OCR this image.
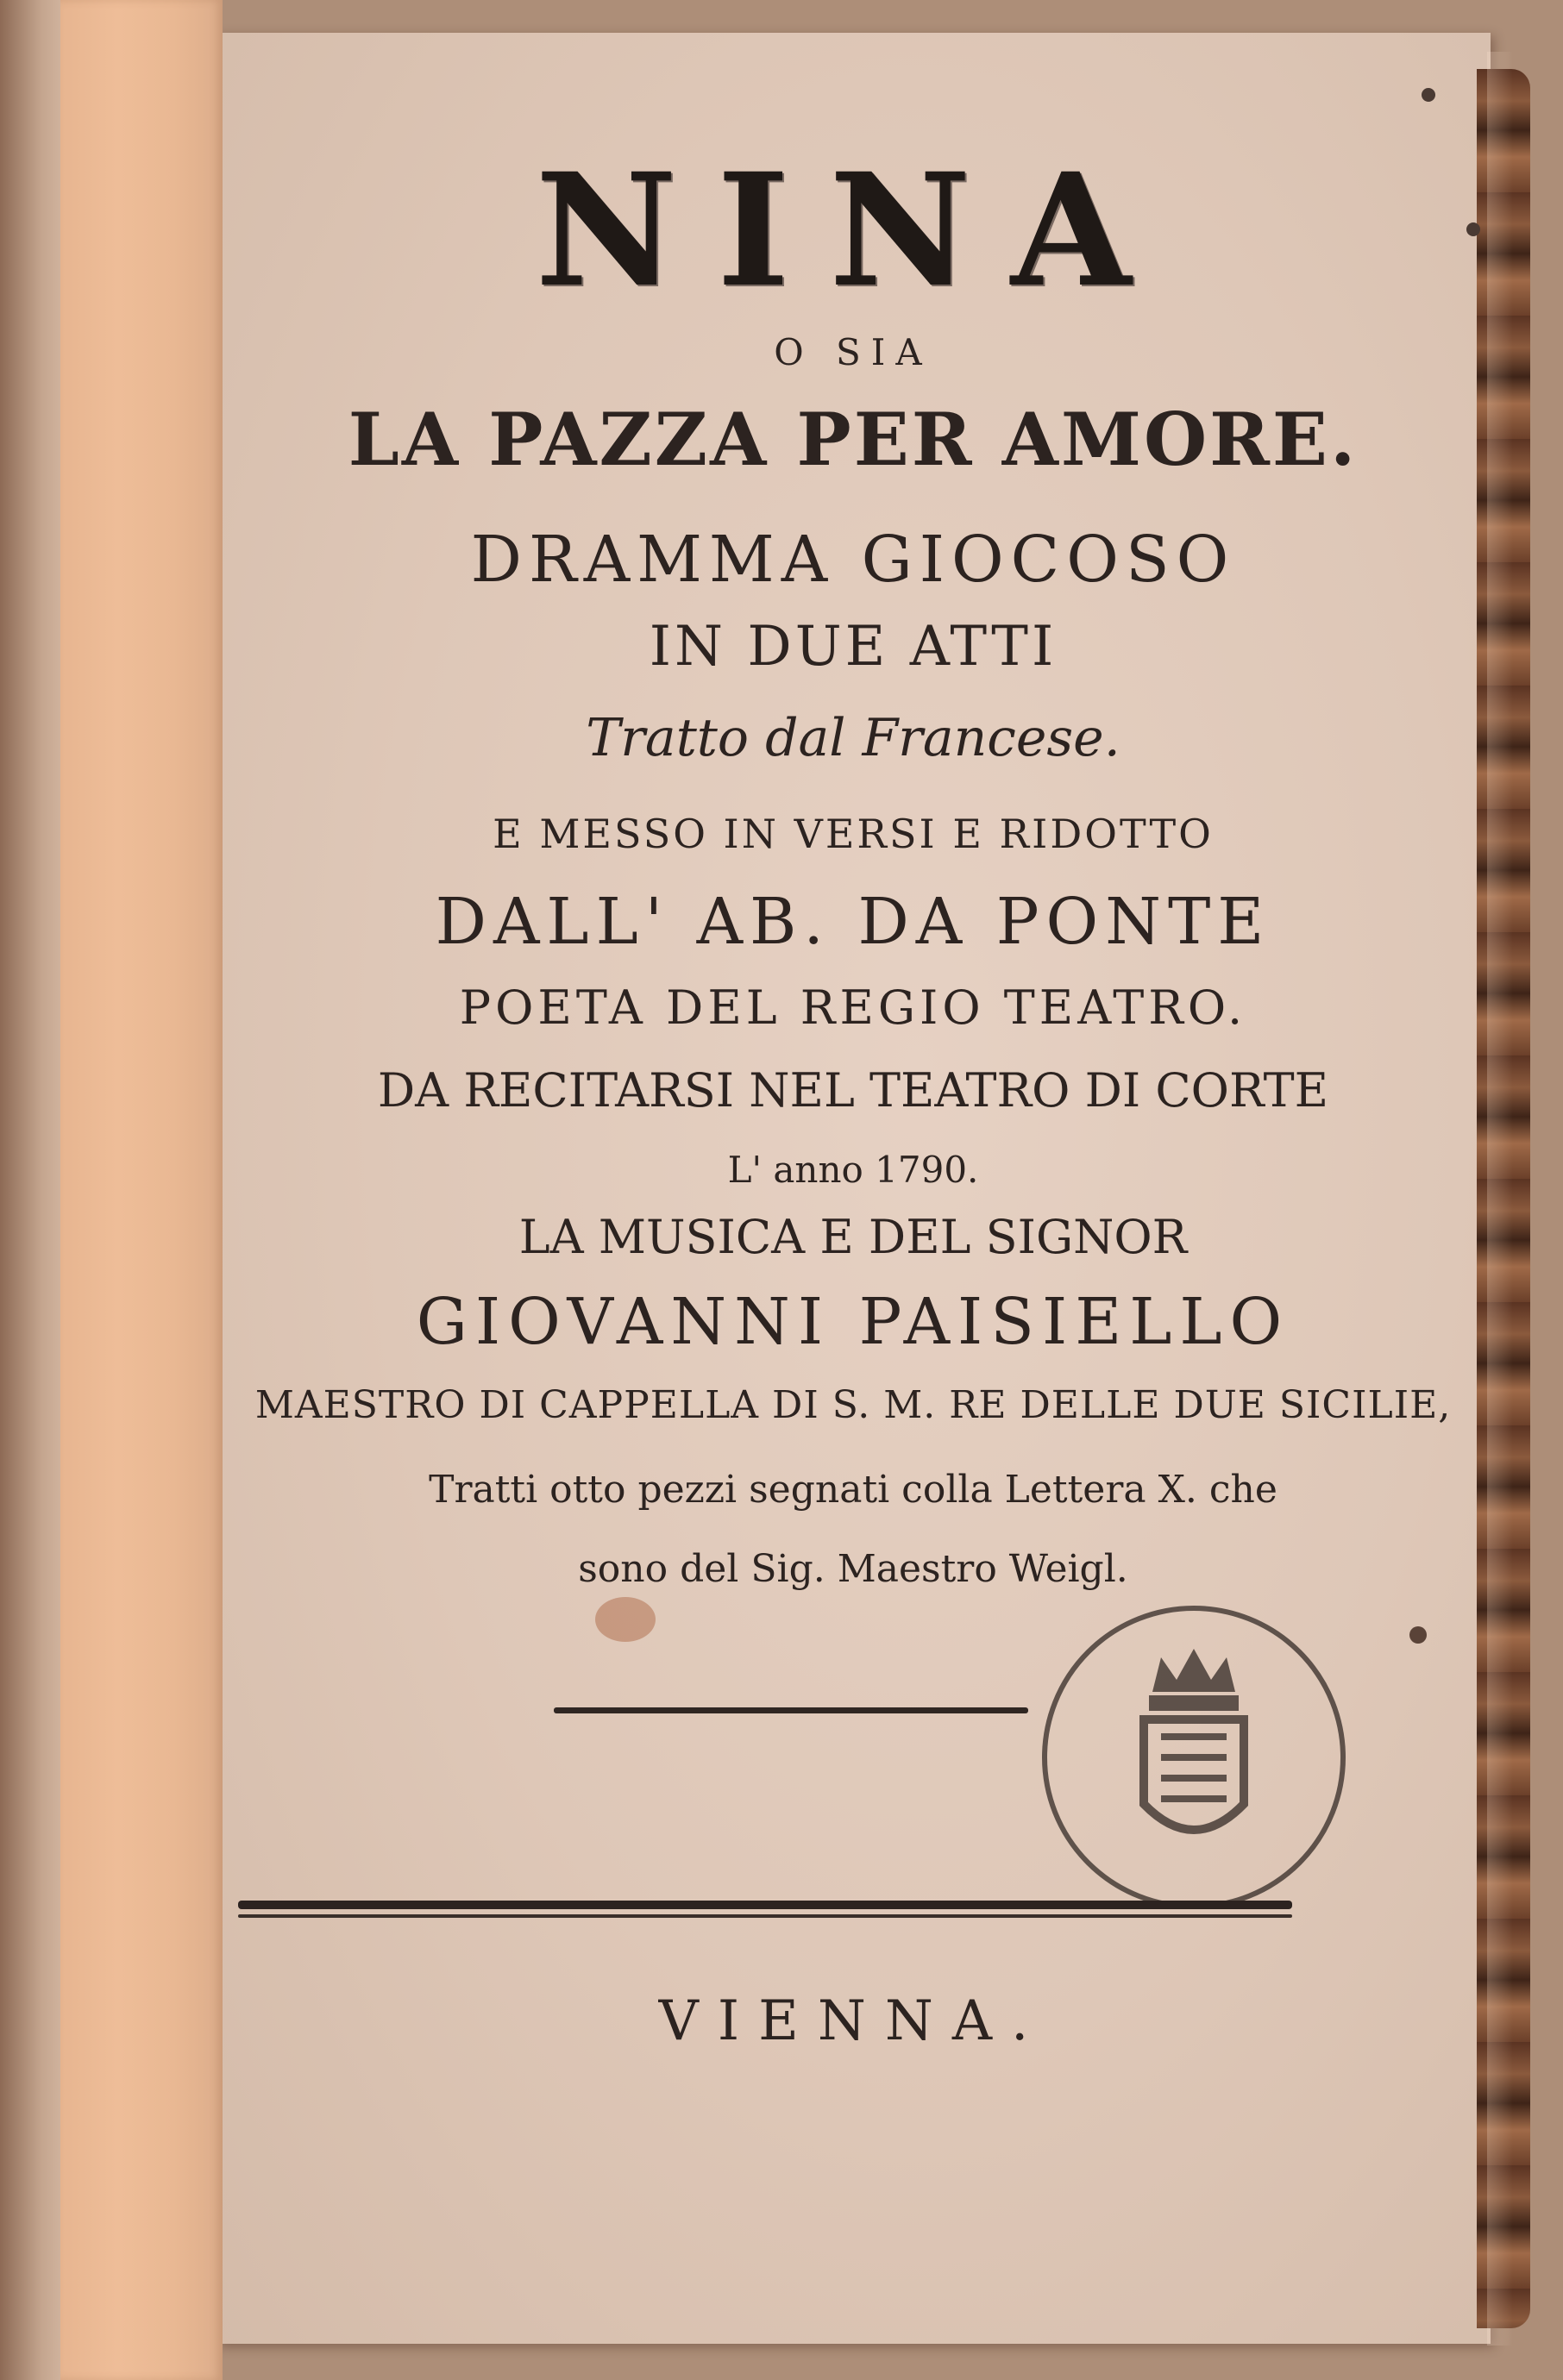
NINA
O SIA
LA PAZZA PER AMORE.
DRAMMA GIOCOSO
IN DUE ATTI
Tratto dal Francese.
E MESSO IN VERSI E RIDOTTO
DALL' AB. DA PONTE
POETA DEL REGIO TEATRO.
DA RECITARSI NEL TEATRO DI CORTE
L' anno 1790.
LA MUSICA E DEL SIGNOR
GIOVANNI PAISIELLO
MAESTRO DI CAPPELLA DI S. M. RE DELLE DUE SICILIE,
Tratti otto pezzi segnati colla Lettera X. che
sono del Sig. Maestro Weigl.
VIENNA.
